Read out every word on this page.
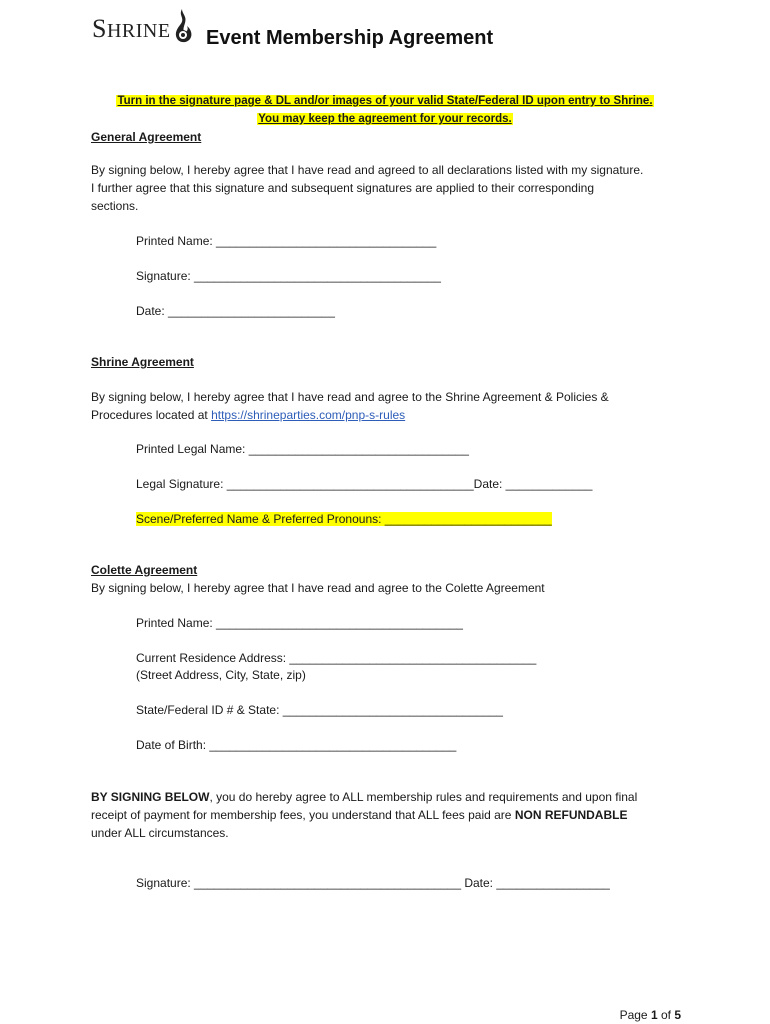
SHRINE Event Membership Agreement
Turn in the signature page & DL and/or images of your valid State/Federal ID upon entry to Shrine.
You may keep the agreement for your records.
General Agreement
By signing below, I hereby agree that I have read and agreed to all declarations listed with my signature.
I further agree that this signature and subsequent signatures are applied to their corresponding
sections.
Printed Name: _________________________________
Signature: _____________________________________
Date: _________________________
Shrine Agreement
By signing below, I hereby agree that I have read and agree to the Shrine Agreement & Policies &
Procedures located at https://shrineparties.com/pnp-s-rules
Printed Legal Name: _________________________________
Legal Signature: _____________________________________Date: _____________
Scene/Preferred Name & Preferred Pronouns: _________________________
Colette Agreement
By signing below, I hereby agree that I have read and agree to the Colette Agreement
Printed Name: _____________________________________
Current Residence Address: _____________________________________
(Street Address, City, State, zip)
State/Federal ID # & State: _________________________________
Date of Birth: _____________________________________
BY SIGNING BELOW, you do hereby agree to ALL membership rules and requirements and upon final
receipt of payment for membership fees, you understand that ALL fees paid are NON REFUNDABLE
under ALL circumstances.
Signature: ________________________________________ Date: _________________
Page 1 of 5
